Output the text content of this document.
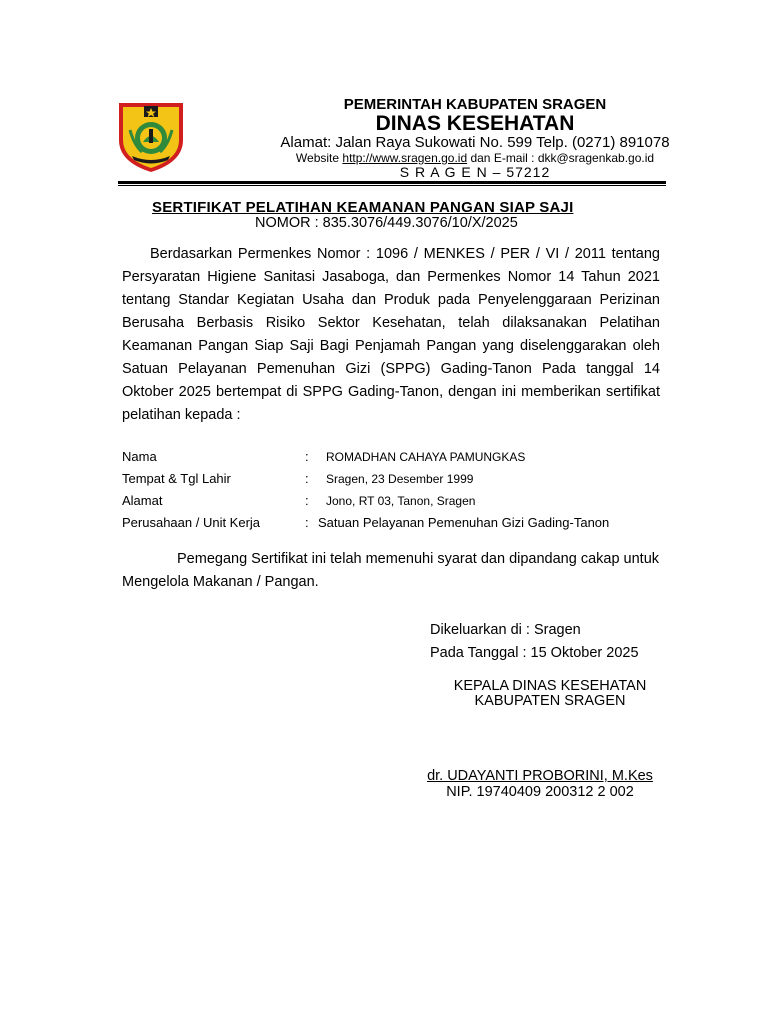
PEMERINTAH KABUPATEN SRAGEN
DINAS KESEHATAN
Alamat: Jalan Raya Sukowati No. 599 Telp. (0271) 891078
Website http://www.sragen.go.id dan E-mail : dkk@sragenkab.go.id
S R A G E N – 57212
SERTIFIKAT PELATIHAN KEAMANAN PANGAN SIAP SAJI
NOMOR : 835.3076/449.3076/10/X/2025
Berdasarkan Permenkes Nomor : 1096 / MENKES / PER / VI / 2011 tentang Persyaratan Higiene Sanitasi Jasaboga, dan Permenkes Nomor 14 Tahun 2021 tentang Standar Kegiatan Usaha dan Produk pada Penyelenggaraan Perizinan Berusaha Berbasis Risiko Sektor Kesehatan, telah dilaksanakan Pelatihan Keamanan Pangan Siap Saji Bagi Penjamah Pangan yang diselenggarakan oleh Satuan Pelayanan Pemenuhan Gizi (SPPG) Gading-Tanon Pada tanggal 14 Oktober 2025 bertempat di SPPG Gading-Tanon, dengan ini memberikan sertifikat pelatihan kepada :
Nama	: ROMADHAN CAHAYA PAMUNGKAS
Tempat & Tgl Lahir	: Sragen, 23 Desember 1999
Alamat	: Jono, RT 03, Tanon, Sragen
Perusahaan / Unit Kerja	: Satuan Pelayanan Pemenuhan Gizi Gading-Tanon
Pemegang Sertifikat ini telah memenuhi syarat dan dipandang cakap untuk Mengelola Makanan / Pangan.
Dikeluarkan di : Sragen
Pada Tanggal : 15 Oktober 2025
KEPALA DINAS KESEHATAN
KABUPATEN SRAGEN
dr. UDAYANTI PROBORINI, M.Kes
NIP. 19740409 200312 2 002
